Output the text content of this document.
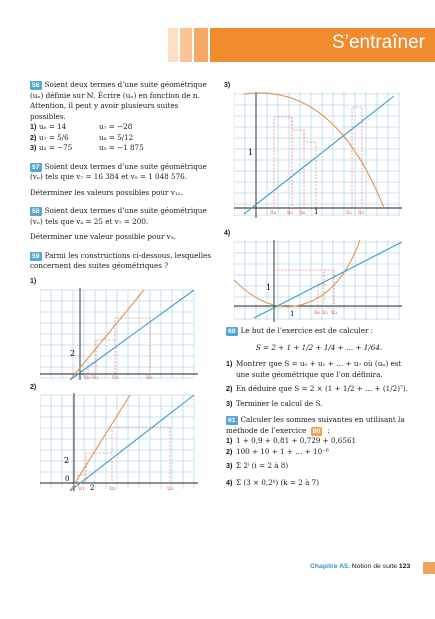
S’entraîner
56 Soient deux termes d’une suite géométrique (uₙ) définie sur ℕ. Écrire (uₙ) en fonction de n. Attention, il peut y avoir plusieurs suites possibles.
1) u₆ = 14	u₇ = −28
2) u₇ = 5/6	u₈ = 5/12
3) u₃ = −75	u₅ = −1 875
57 Soient deux termes d’une suite géométrique (vₙ) tels que v₇ = 16 384 et v₉ = 1 048 576.
Déterminer les valeurs possibles pour v₁₂.
58 Soient deux termes d’une suite géométrique (vₙ) tels que v₄ = 25 et v₇ = 200.
Déterminer une valeur possible pour v₉.
59 Parmi les constructions ci-dessous, lesquelles concernent des suites géométriques ?
1)
2
u₀ u₁ u₂	u₃
2)
0
2
u₁ 2 u₂	u₃
3)
1
u₄ u₅ u₆ 1	u₁ u₃
4)
1
1	u₀ u₁ u₃
60 Le but de l’exercice est de calculer :
S = 2 + 1 + 1/2 + 1/4 + … + 1/64.
1) Montrer que S = u₀ + u₁ + … + u₇ où (uₙ) est une suite géométrique que l’on définira.
2) En déduire que S = 2 × (1 + 1/2 + … + (1/2)⁷).
3) Terminer le calcul de S.
61 Calculer les sommes suivantes en utilisant la méthode de l’exercice 60 :
1) 1 + 0,9 + 0,81 + 0,729 + 0,6561
2) 100 + 10 + 1 + … + 10⁻⁶
3) Σ 2ⁱ (i = 2 à 8)
4) Σ (3 × 0,2ᵏ) (k = 2 à 7)
Chapitre A5. Notion de suite 123
